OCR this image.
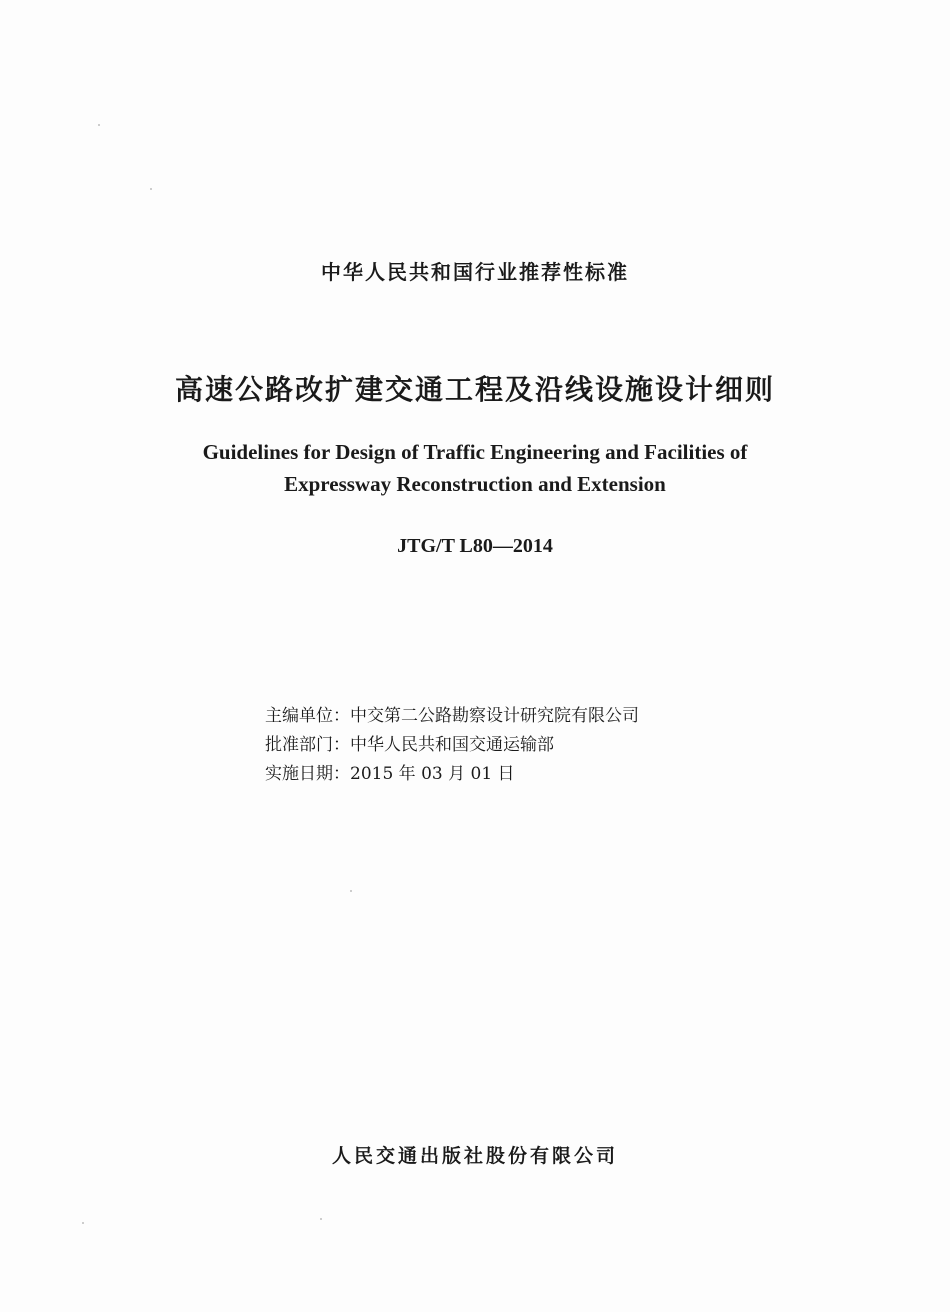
中华人民共和国行业推荐性标准
高速公路改扩建交通工程及沿线设施设计细则
Guidelines for Design of Traffic Engineering and Facilities of
Expressway Reconstruction and Extension
JTG/T L80—2014
主编单位：中交第二公路勘察设计研究院有限公司
批准部门：中华人民共和国交通运输部
实施日期：2015 年 03 月 01 日
人民交通出版社股份有限公司
